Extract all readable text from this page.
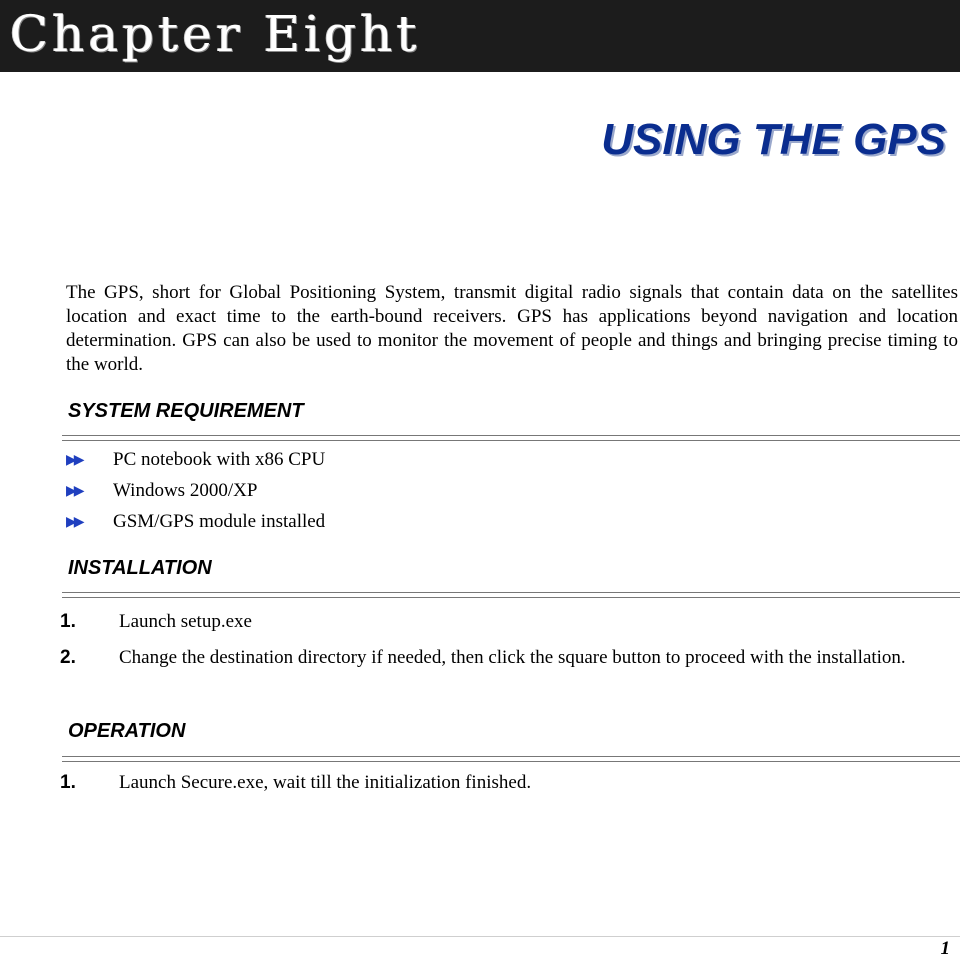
Chapter Eight
USING THE GPS

The GPS, short for Global Positioning System, transmit digital radio signals that contain data on the satellites location and exact time to the earth-bound receivers. GPS has applications beyond navigation and location determination. GPS can also be used to monitor the movement of people and things and bringing precise timing to the world.

SYSTEM REQUIREMENT
▶▶	PC notebook with x86 CPU
▶▶	Windows 2000/XP
▶▶	GSM/GPS module installed
INSTALLATION
1. Launch setup.exe
2. Change the destination directory if needed, then click the square button to proceed with the installation.
OPERATION
1. Launch Secure.exe, wait till the initialization finished.
1
